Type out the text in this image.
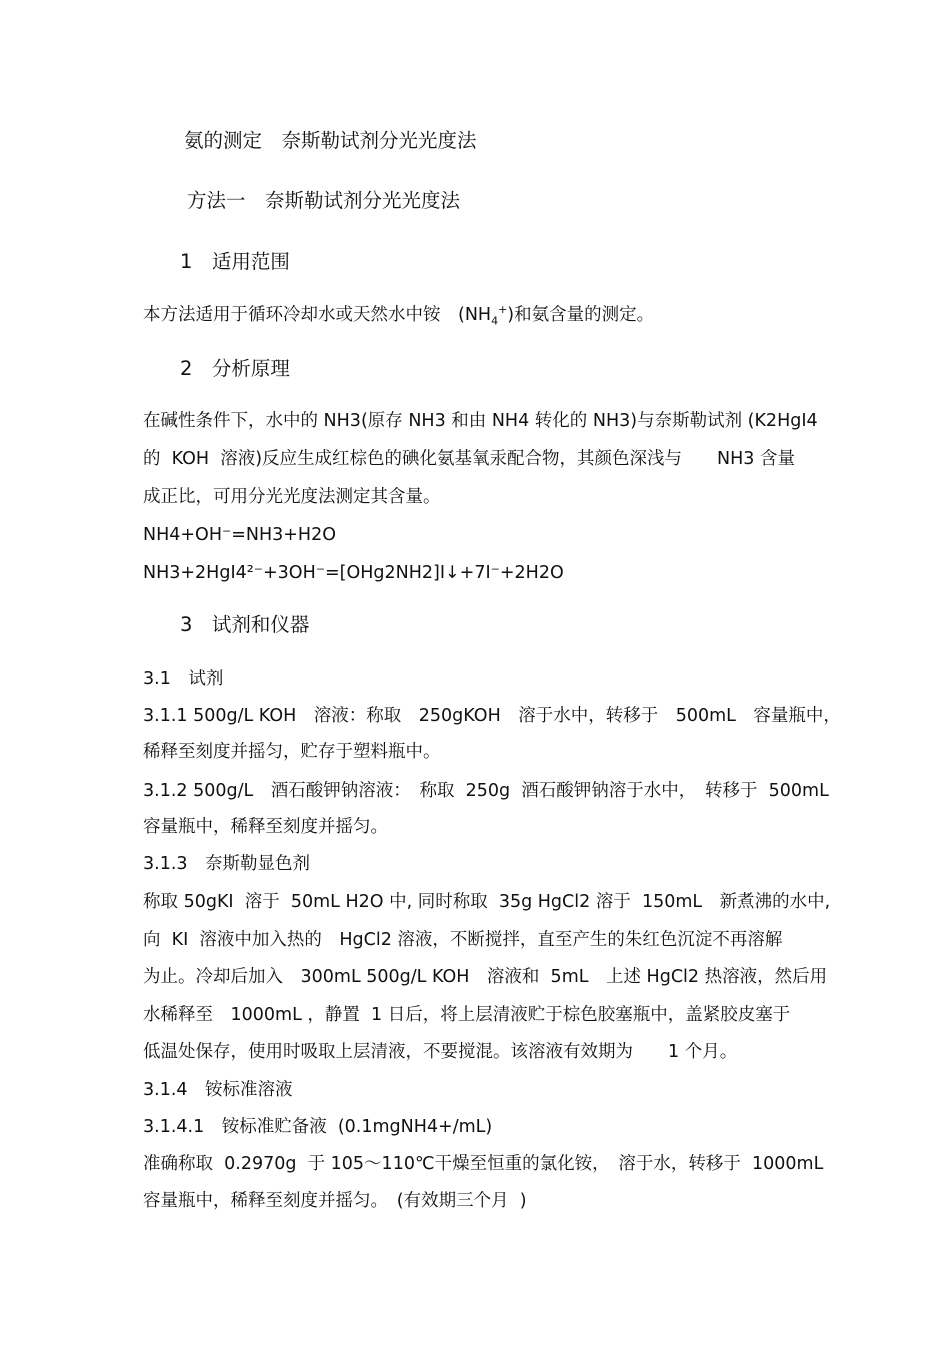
氨的测定　奈斯勒试剂分光光度法
方法一　奈斯勒试剂分光光度法
1　适用范围
本方法适用于循环冷却水或天然水中铵　$(NH_4^+)$和氨含量的测定。
2　分析原理
在碱性条件下，水中的 NH3(原存 NH3 和由 NH4 转化的 NH3)与奈斯勒试剂 (K2HgI4
的  KOH  溶液)反应生成红棕色的碘化氨基氧汞配合物，其颜色深浅与　　NH3 含量
成正比，可用分光光度法测定其含量。
NH4+OH⁻=NH3+H2O
NH3+2HgI4²⁻+3OH⁻=[OHg2NH2]I↓+7I⁻+2H2O
3　试剂和仪器
3.1　试剂
3.1.1 500g/L KOH　溶液：称取　250gKOH　溶于水中，转移于　500mL　容量瓶中，
稀释至刻度并摇匀，贮存于塑料瓶中。
3.1.2 500g/L　酒石酸钾钠溶液：　称取  250g  酒石酸钾钠溶于水中，　转移于  500mL
容量瓶中，稀释至刻度并摇匀。
3.1.3　奈斯勒显色剂
称取 50gKI  溶于  50mL H2O 中, 同时称取  35g HgCl2 溶于  150mL　新煮沸的水中,
向  KI  溶液中加入热的　HgCl2 溶液，不断搅拌，直至产生的朱红色沉淀不再溶解
为止。冷却后加入　300mL 500g/L KOH　溶液和  5mL　上述 HgCl2 热溶液，然后用
水稀释至　1000mL ，静置  1 日后，将上层清液贮于棕色胶塞瓶中，盖紧胶皮塞于
低温处保存，使用时吸取上层清液，不要搅混。该溶液有效期为　　1 个月。
3.1.4　铵标准溶液
3.1.4.1　铵标准贮备液  (0.1mgNH4+/mL)
准确称取  0.2970g  于 105～110℃干燥至恒重的氯化铵，　溶于水，转移于  1000mL
容量瓶中，稀释至刻度并摇匀。　(有效期三个月  )
